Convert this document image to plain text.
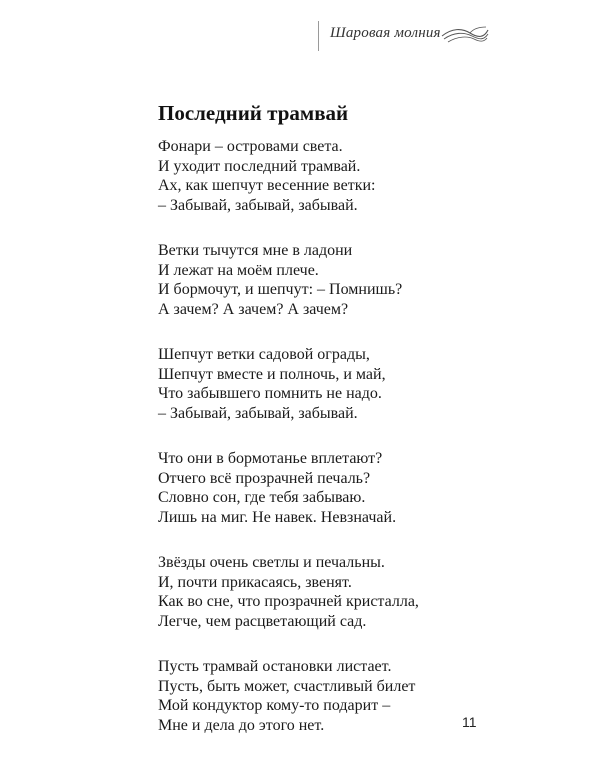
Шаровая молния
Последний трамвай
Фонари – островами света.
И уходит последний трамвай.
Ах, как шепчут весенние ветки:
– Забывай, забывай, забывай.
Ветки тычутся мне в ладони
И лежат на моём плече.
И бормочут, и шепчут: – Помнишь?
А зачем? А зачем? А зачем?
Шепчут ветки садовой ограды,
Шепчут вместе и полночь, и май,
Что забывшего помнить не надо.
– Забывай, забывай, забывай.
Что они в бормотанье вплетают?
Отчего всё прозрачней печаль?
Словно сон, где тебя забываю.
Лишь на миг. Не навек. Невзначай.
Звёзды очень светлы и печальны.
И, почти прикасаясь, звенят.
Как во сне, что прозрачней кристалла,
Легче, чем расцветающий сад.
Пусть трамвай остановки листает.
Пусть, быть может, счастливый билет
Мой кондуктор кому-то подарит –
Мне и дела до этого нет.	11
